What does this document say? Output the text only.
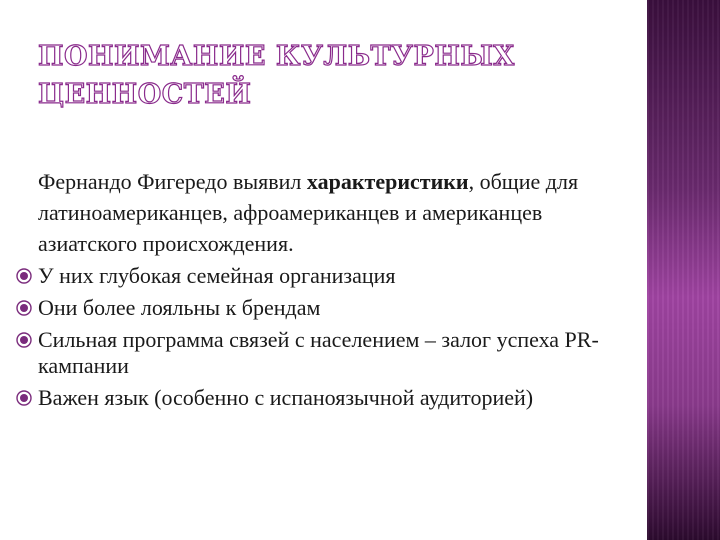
ПОНИМАНИЕ КУЛЬТУРНЫХ ЦЕННОСТЕЙ

Фернандо Фигередо выявил характеристики, общие для латиноамериканцев, афроамериканцев и американцев азиатского происхождения.

У них глубокая семейная организация
Они более лояльны к брендам
Сильная программа связей с населением – залог успеха PR-кампании
Важен язык (особенно с испаноязычной аудиторией)
